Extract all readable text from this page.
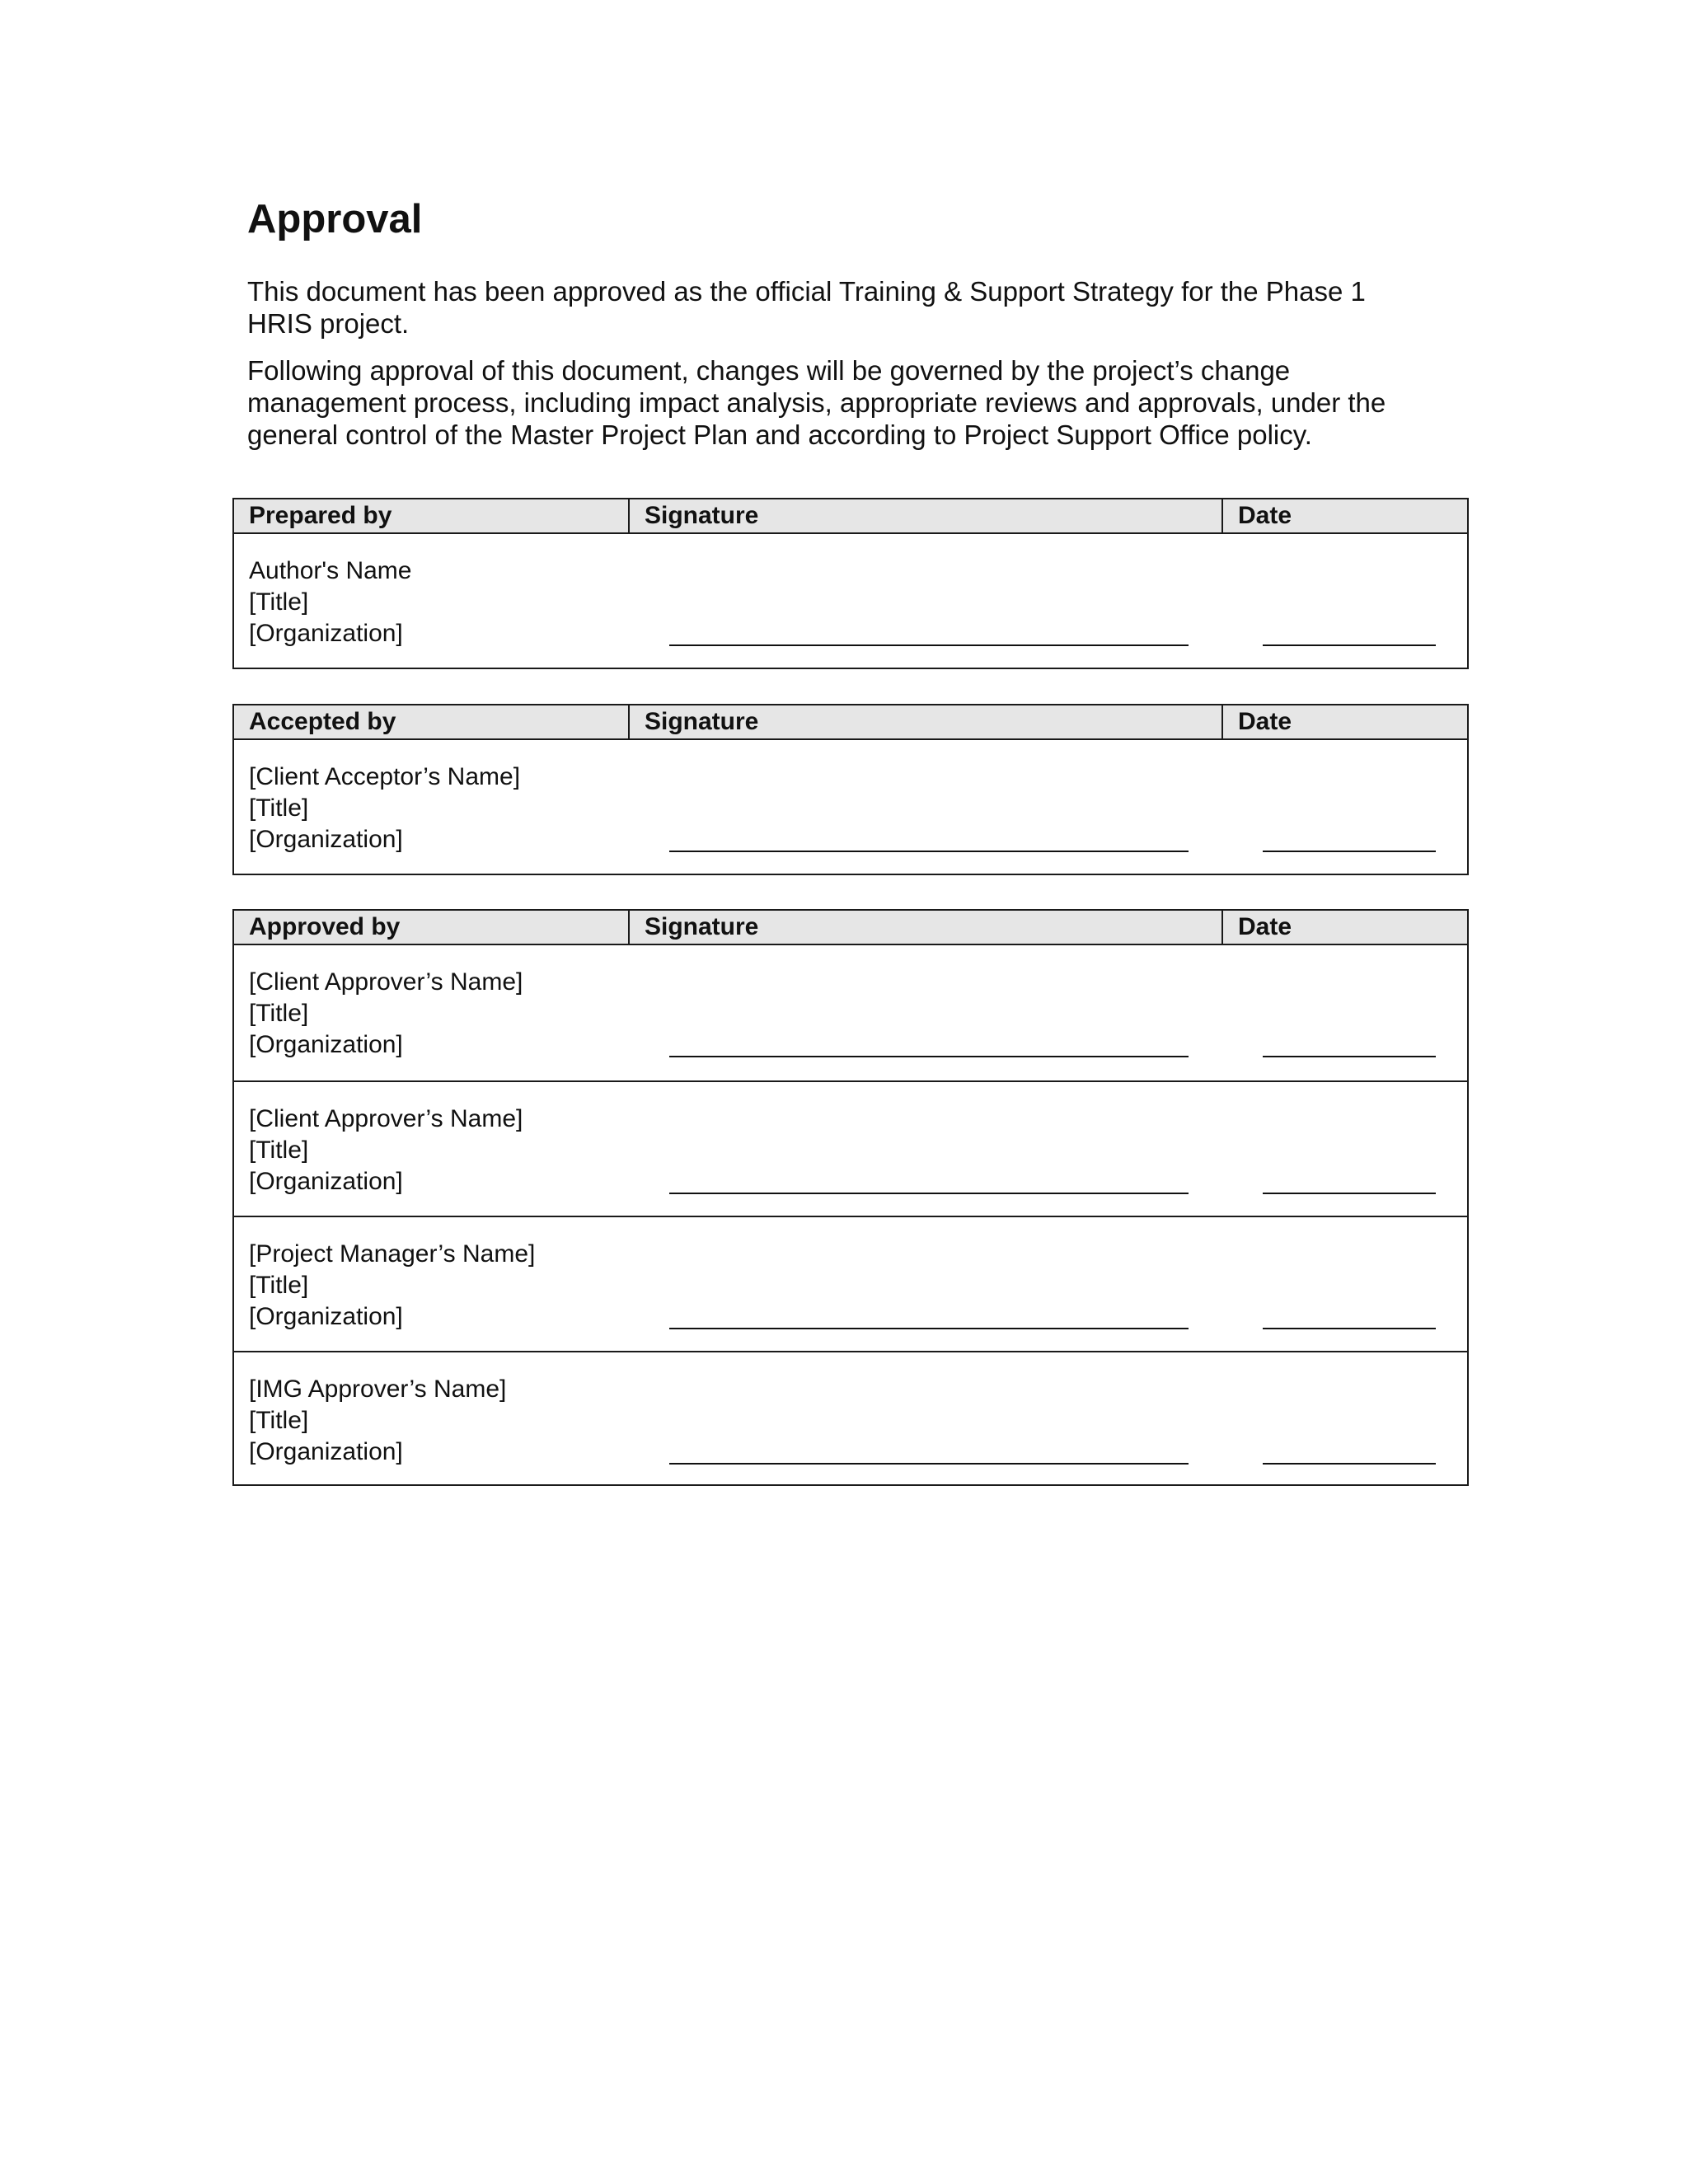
Approval

This document has been approved as the official Training & Support Strategy for the Phase 1 HRIS project.

Following approval of this document, changes will be governed by the project’s change management process, including impact analysis, appropriate reviews and approvals, under the general control of the Master Project Plan and according to Project Support Office policy.

Prepared by	Signature	Date
Author's Name
[Title]
[Organization]
Accepted by	Signature	Date
[Client Acceptor’s Name]
[Title]
[Organization]
Approved by	Signature	Date
[Client Approver’s Name]
[Title]
[Organization]
[Client Approver’s Name]
[Title]
[Organization]
[Project Manager’s Name]
[Title]
[Organization]
[IMG Approver’s Name]
[Title]
[Organization]
